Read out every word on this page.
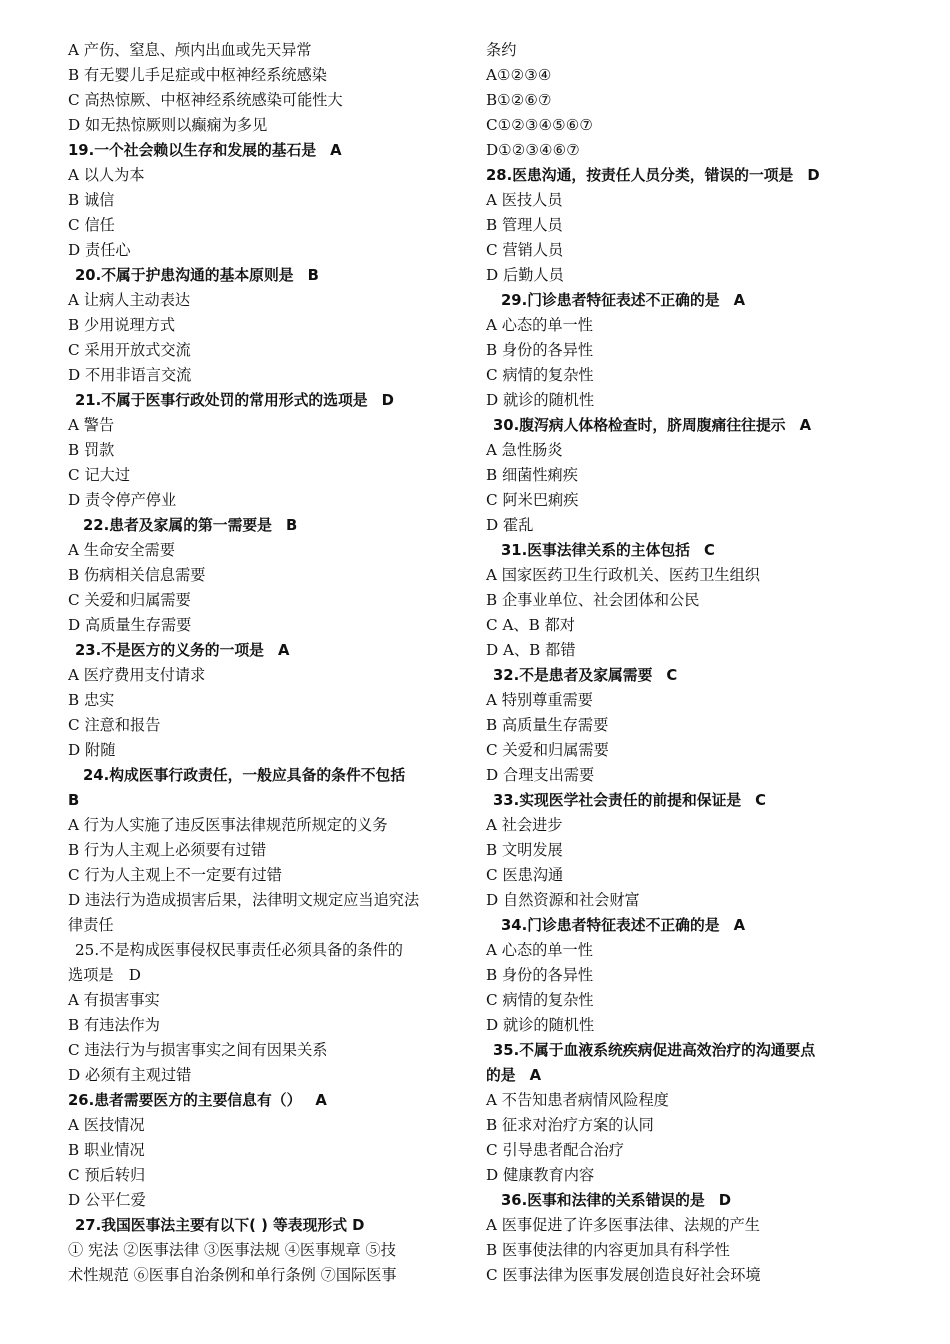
A 产伤、窒息、颅内出血或先天异常
B 有无婴儿手足症或中枢神经系统感染
C 高热惊厥、中枢神经系统感染可能性大
D 如无热惊厥则以癫痫为多见
19.一个社会赖以生存和发展的基石是 A
A 以人为本
B 诚信
C 信任
D 责任心
20.不属于护患沟通的基本原则是 B
A 让病人主动表达
B 少用说理方式
C 采用开放式交流
D 不用非语言交流
21.不属于医事行政处罚的常用形式的选项是 D
A 警告
B 罚款
C 记大过
D 责令停产停业
22.患者及家属的第一需要是 B
A 生命安全需要
B 伤病相关信息需要
C 关爱和归属需要
D 高质量生存需要
23.不是医方的义务的一项是 A
A 医疗费用支付请求
B 忠实
C 注意和报告
D 附随
24.构成医事行政责任，一般应具备的条件不包括
B
A 行为人实施了违反医事法律规范所规定的义务
B 行为人主观上必须要有过错
C 行为人主观上不一定要有过错
D 违法行为造成损害后果，法律明文规定应当追究法
律责任
25.不是构成医事侵权民事责任必须具备的条件的
选项是　D
A 有损害事实
B 有违法作为
C 违法行为与损害事实之间有因果关系
D 必须有主观过错
26.患者需要医方的主要信息有（） A
A 医技情况
B 职业情况
C 预后转归
D 公平仁爱
27.我国医事法主要有以下( ) 等表现形式 D
① 宪法 ②医事法律 ③医事法规 ④医事规章 ⑤技
术性规范 ⑥医事自治条例和单行条例 ⑦国际医事
条约
A①②③④
B①②⑥⑦
C①②③④⑤⑥⑦
D①②③④⑥⑦
28.医患沟通，按责任人员分类，错误的一项是 D
A 医技人员
B 管理人员
C 营销人员
D 后勤人员
29.门诊患者特征表述不正确的是 A
A 心态的单一性
B 身份的各异性
C 病情的复杂性
D 就诊的随机性
30.腹泻病人体格检查时，脐周腹痛往往提示 A
A 急性肠炎
B 细菌性痢疾
C 阿米巴痢疾
D 霍乱
31.医事法律关系的主体包括 C
A 国家医药卫生行政机关、医药卫生组织
B 企事业单位、社会团体和公民
C A、B 都对
D A、B 都错
32.不是患者及家属需要 C
A 特别尊重需要
B 高质量生存需要
C 关爱和归属需要
D 合理支出需要
33.实现医学社会责任的前提和保证是 C
A 社会进步
B 文明发展
C 医患沟通
D 自然资源和社会财富
34.门诊患者特征表述不正确的是 A
A 心态的单一性
B 身份的各异性
C 病情的复杂性
D 就诊的随机性
35.不属于血液系统疾病促进高效治疗的沟通要点
的是 A
A 不告知患者病情风险程度
B 征求对治疗方案的认同
C 引导患者配合治疗
D 健康教育内容
36.医事和法律的关系错误的是 D
A 医事促进了许多医事法律、法规的产生
B 医事使法律的内容更加具有科学性
C 医事法律为医事发展创造良好社会环境
